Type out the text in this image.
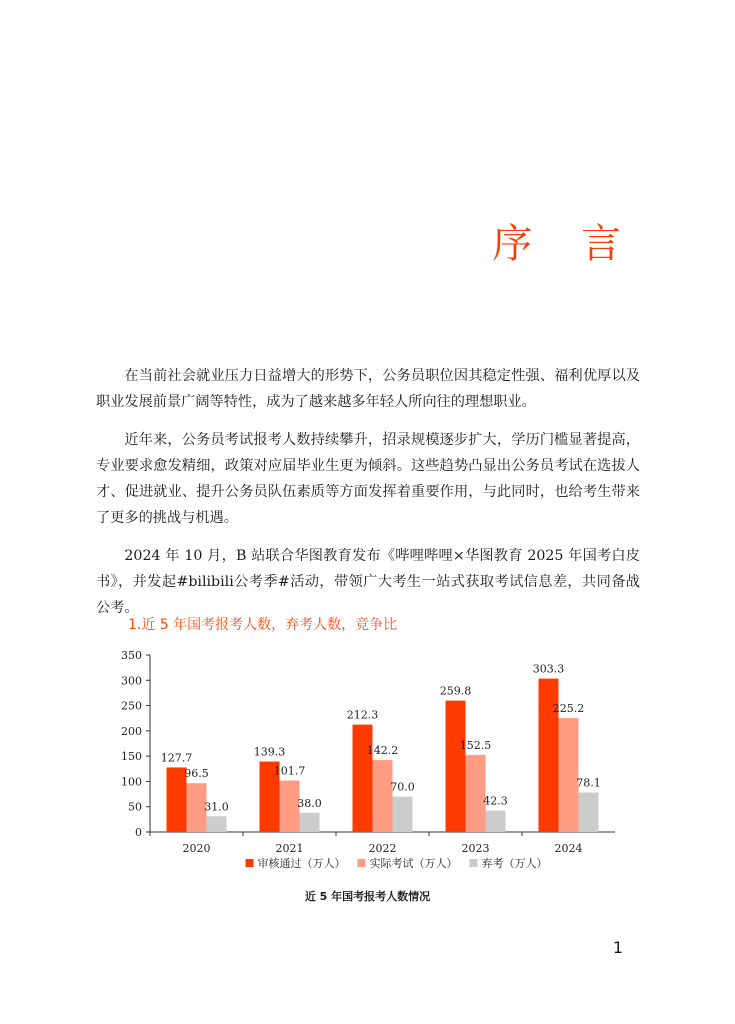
序 言

在当前社会就业压力日益增大的形势下，公务员职位因其稳定性强、福利优厚以及职业发展前景广阔等特性，成为了越来越多年轻人所向往的理想职业。

近年来，公务员考试报考人数持续攀升，招录规模逐步扩大，学历门槛显著提高，专业要求愈发精细，政策对应届毕业生更为倾斜。这些趋势凸显出公务员考试在选拔人才、促进就业、提升公务员队伍素质等方面发挥着重要作用，与此同时，也给考生带来了更多的挑战与机遇。

2024 年 10 月，B 站联合华图教育发布《哔哩哔哩×华图教育 2025 年国考白皮书》，并发起#bilibili公考季#活动，带领广大考生一站式获取考试信息差，共同备战公考。

1.近 5 年国考报考人数，弃考人数，竞争比
0
50
100
150
200
250
300
350
127.7
96.5
31.0
2020
139.3
101.7
38.0
2021
212.3
142.2
70.0
2022
259.8
152.5
42.3
2023
303.3
225.2
78.1
2024
审核通过（万人） 实际考试（万人） 弃考（万人）
近 5 年国考报考人数情况
1
